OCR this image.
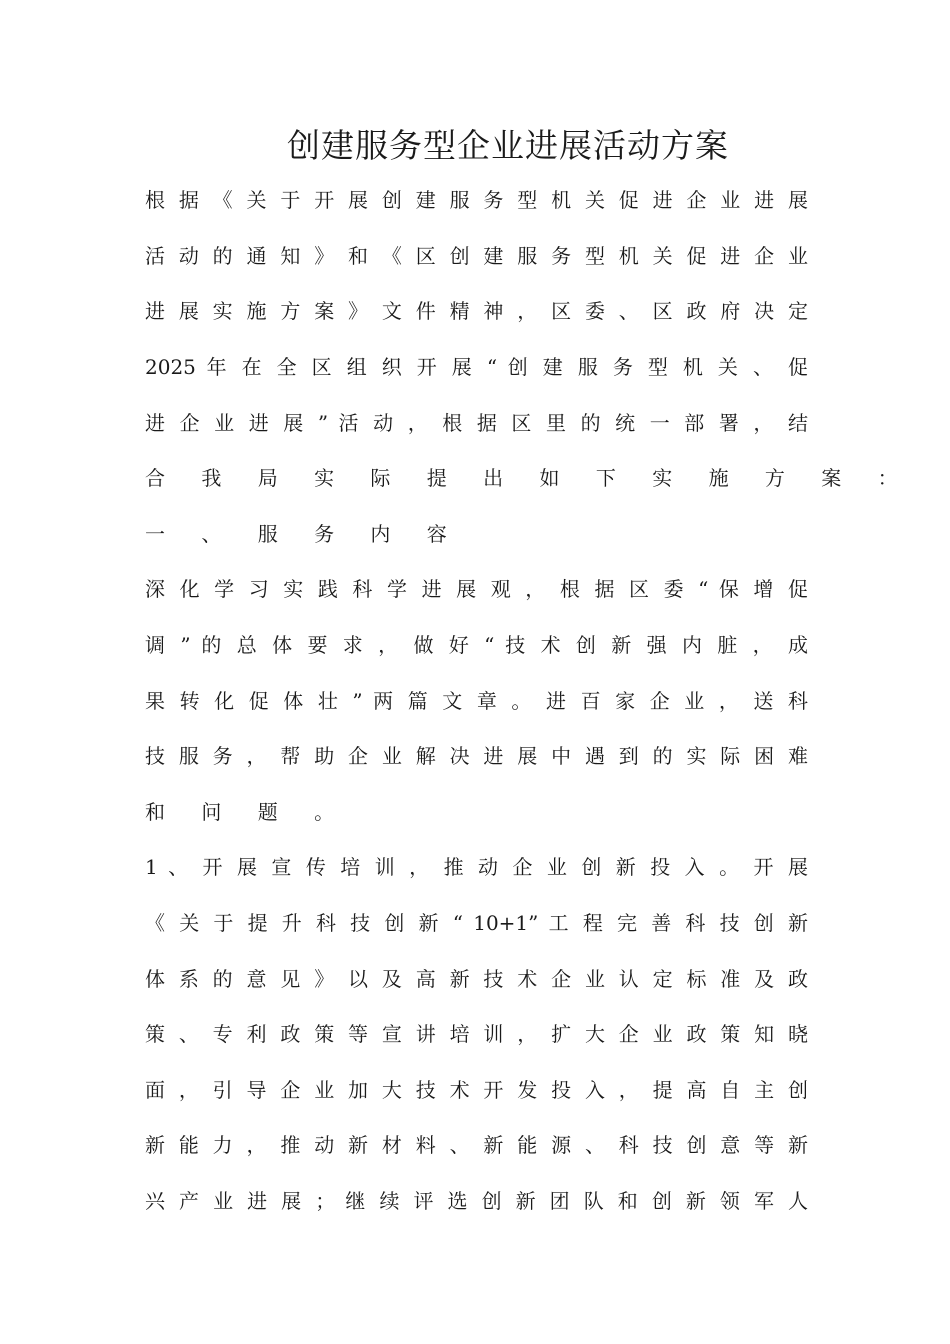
创建服务型企业进展活动方案
根 据 《 关 于 开 展 创 建 服 务 型 机 关 促 进 企 业 进 展
活 动 的 通 知 》 和 《 区 创 建 服 务 型 机 关 促 进 企 业
进 展 实 施 方 案 》 文 件 精 神 ， 区 委 、 区 政 府 决 定
2025 年 在 全 区 组 织 开 展 “ 创 建 服 务 型 机 关 、 促
进 企 业 进 展 ” 活 动 ， 根 据 区 里 的 统 一 部 署 ， 结
合 我 局 实 际 提 出 如 下 实 施 方 案 ：
一 、 服 务 内 容
深 化 学 习 实 践 科 学 进 展 观 ， 根 据 区 委 “ 保 增 促
调 ” 的 总 体 要 求 ， 做 好 “ 技 术 创 新 强 内 脏 ， 成
果 转 化 促 体 壮 ” 两 篇 文 章 。 进 百 家 企 业 ， 送 科
技 服 务 ， 帮 助 企 业 解 决 进 展 中 遇 到 的 实 际 困 难
和 问 题 。
1 、 开 展 宣 传 培 训 ， 推 动 企 业 创 新 投 入 。 开 展
《 关 于 提 升 科 技 创 新 “ 10+1” 工 程 完 善 科 技 创 新
体 系 的 意 见 》 以 及 高 新 技 术 企 业 认 定 标 准 及 政
策 、 专 利 政 策 等 宣 讲 培 训 ， 扩 大 企 业 政 策 知 晓
面 ， 引 导 企 业 加 大 技 术 开 发 投 入 ， 提 高 自 主 创
新 能 力 ， 推 动 新 材 料 、 新 能 源 、 科 技 创 意 等 新
兴 产 业 进 展 ； 继 续 评 选 创 新 团 队 和 创 新 领 军 人
